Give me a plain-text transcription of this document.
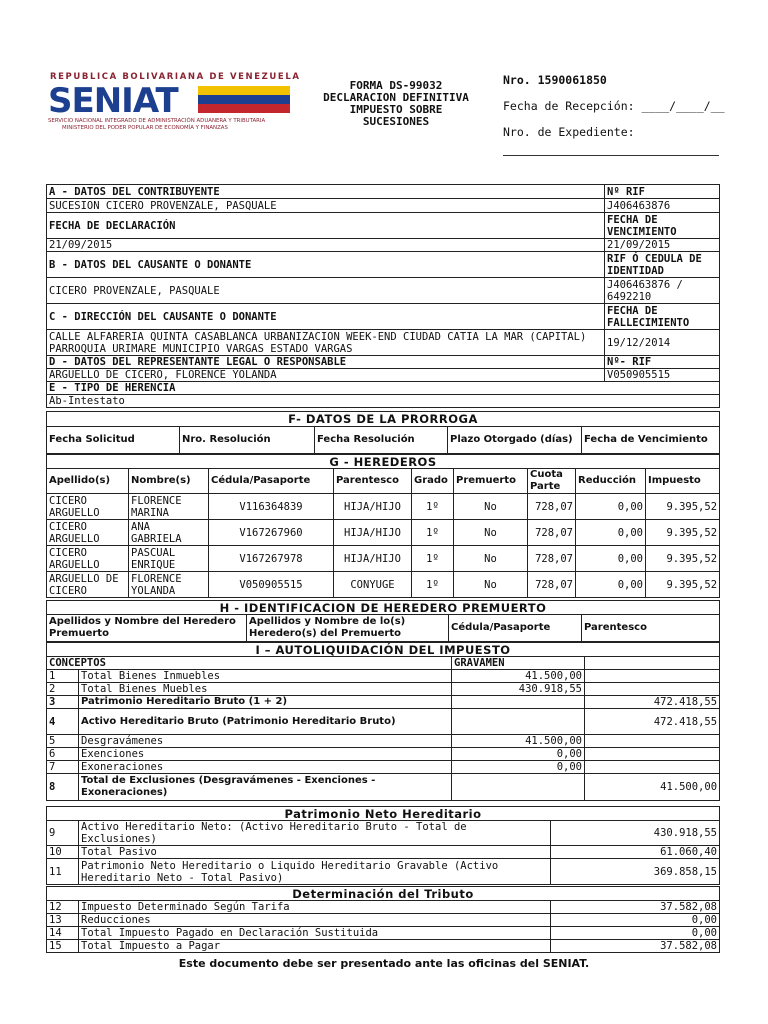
REPUBLICA BOLIVARIANA DE VENEZUELA
SENIAT
SERVICIO NACIONAL INTEGRADO DE ADMINISTRACIÓN ADUANERA Y TRIBUTARIA
MINISTERIO DEL PODER POPULAR DE ECONOMÍA Y FINANZAS
FORMA DS-99032
DECLARACION DEFINITIVA
IMPUESTO SOBRE
SUCESIONES
Nro. 1590061850
Fecha de Recepción: ____/____/__
Nro. de Expediente:
A - DATOS DEL CONTRIBUYENTE	Nº RIF
SUCESION CICERO PROVENZALE, PASQUALE	J406463876
FECHA DE DECLARACIÓN	FECHA DE VENCIMIENTO
21/09/2015	21/09/2015
B - DATOS DEL CAUSANTE O DONANTE	RIF Ó CEDULA DE IDENTIDAD
CICERO PROVENZALE, PASQUALE	J406463876 / 6492210
C - DIRECCIÓN DEL CAUSANTE O DONANTE	FECHA DE FALLECIMIENTO
CALLE ALFARERIA QUINTA CASABLANCA URBANIZACION WEEK-END CIUDAD CATIA LA MAR (CAPITAL) PARROQUIA URIMARE MUNICIPIO VARGAS ESTADO VARGAS	19/12/2014
D - DATOS DEL REPRESENTANTE LEGAL O RESPONSABLE	Nº- RIF
ARGUELLO DE CICERO, FLORENCE YOLANDA	V050905515
E - TIPO DE HERENCIA	
Ab-Intestato	
F- DATOS DE LA PRORROGA
Fecha Solicitud	Nro. Resolución	Fecha Resolución	Plazo Otorgado (días)	Fecha de Vencimiento
G - HEREDEROS								
Apellido(s)	Nombre(s)	Cédula/Pasaporte	Parentesco	Grado	Premuerto	Cuota Parte	Reducción	Impuesto
CICERO ARGUELLO	FLORENCE MARINA	V116364839	HIJA/HIJO	1º	No	728,07	0,00	9.395,52
CICERO ARGUELLO	ANA GABRIELA	V167267960	HIJA/HIJO	1º	No	728,07	0,00	9.395,52
CICERO ARGUELLO	PASCUAL ENRIQUE	V167267978	HIJA/HIJO	1º	No	728,07	0,00	9.395,52
ARGUELLO DE CICERO	FLORENCE YOLANDA	V050905515	CONYUGE	1º	No	728,07	0,00	9.395,52
H - IDENTIFICACION DE HEREDERO PREMUERTO
Apellidos y Nombre del Heredero Premuerto	Apellidos y Nombre de lo(s) Heredero(s) del Premuerto	Cédula/Pasaporte	Parentesco
I – AUTOLIQUIDACIÓN DEL IMPUESTO			
CONCEPTOS		GRAVAMEN	
1	Total Bienes Inmuebles	41.500,00	
2	Total Bienes Muebles	430.918,55	
3	Patrimonio Hereditario Bruto (1 + 2)		472.418,55
4	Activo Hereditario Bruto (Patrimonio Hereditario Bruto)		472.418,55
5	Desgravámenes	41.500,00	
6	Exenciones	0,00	
7	Exoneraciones	0,00	
8	Total de Exclusiones (Desgravámenes - Exenciones - Exoneraciones)		41.500,00
Patrimonio Neto Hereditario		
9	Activo Hereditario Neto: (Activo Hereditario Bruto - Total de Exclusiones)	430.918,55
10	Total Pasivo	61.060,40
11	Patrimonio Neto Hereditario o Liquido Hereditario Gravable (Activo Hereditario Neto - Total Pasivo)	369.858,15
Determinación del Tributo		
12	Impuesto Determinado Según Tarifa	37.582,08
13	Reducciones	0,00
14	Total Impuesto Pagado en Declaración Sustituida	0,00
15	Total Impuesto a Pagar	37.582,08
Este documento debe ser presentado ante las oficinas del SENIAT.
